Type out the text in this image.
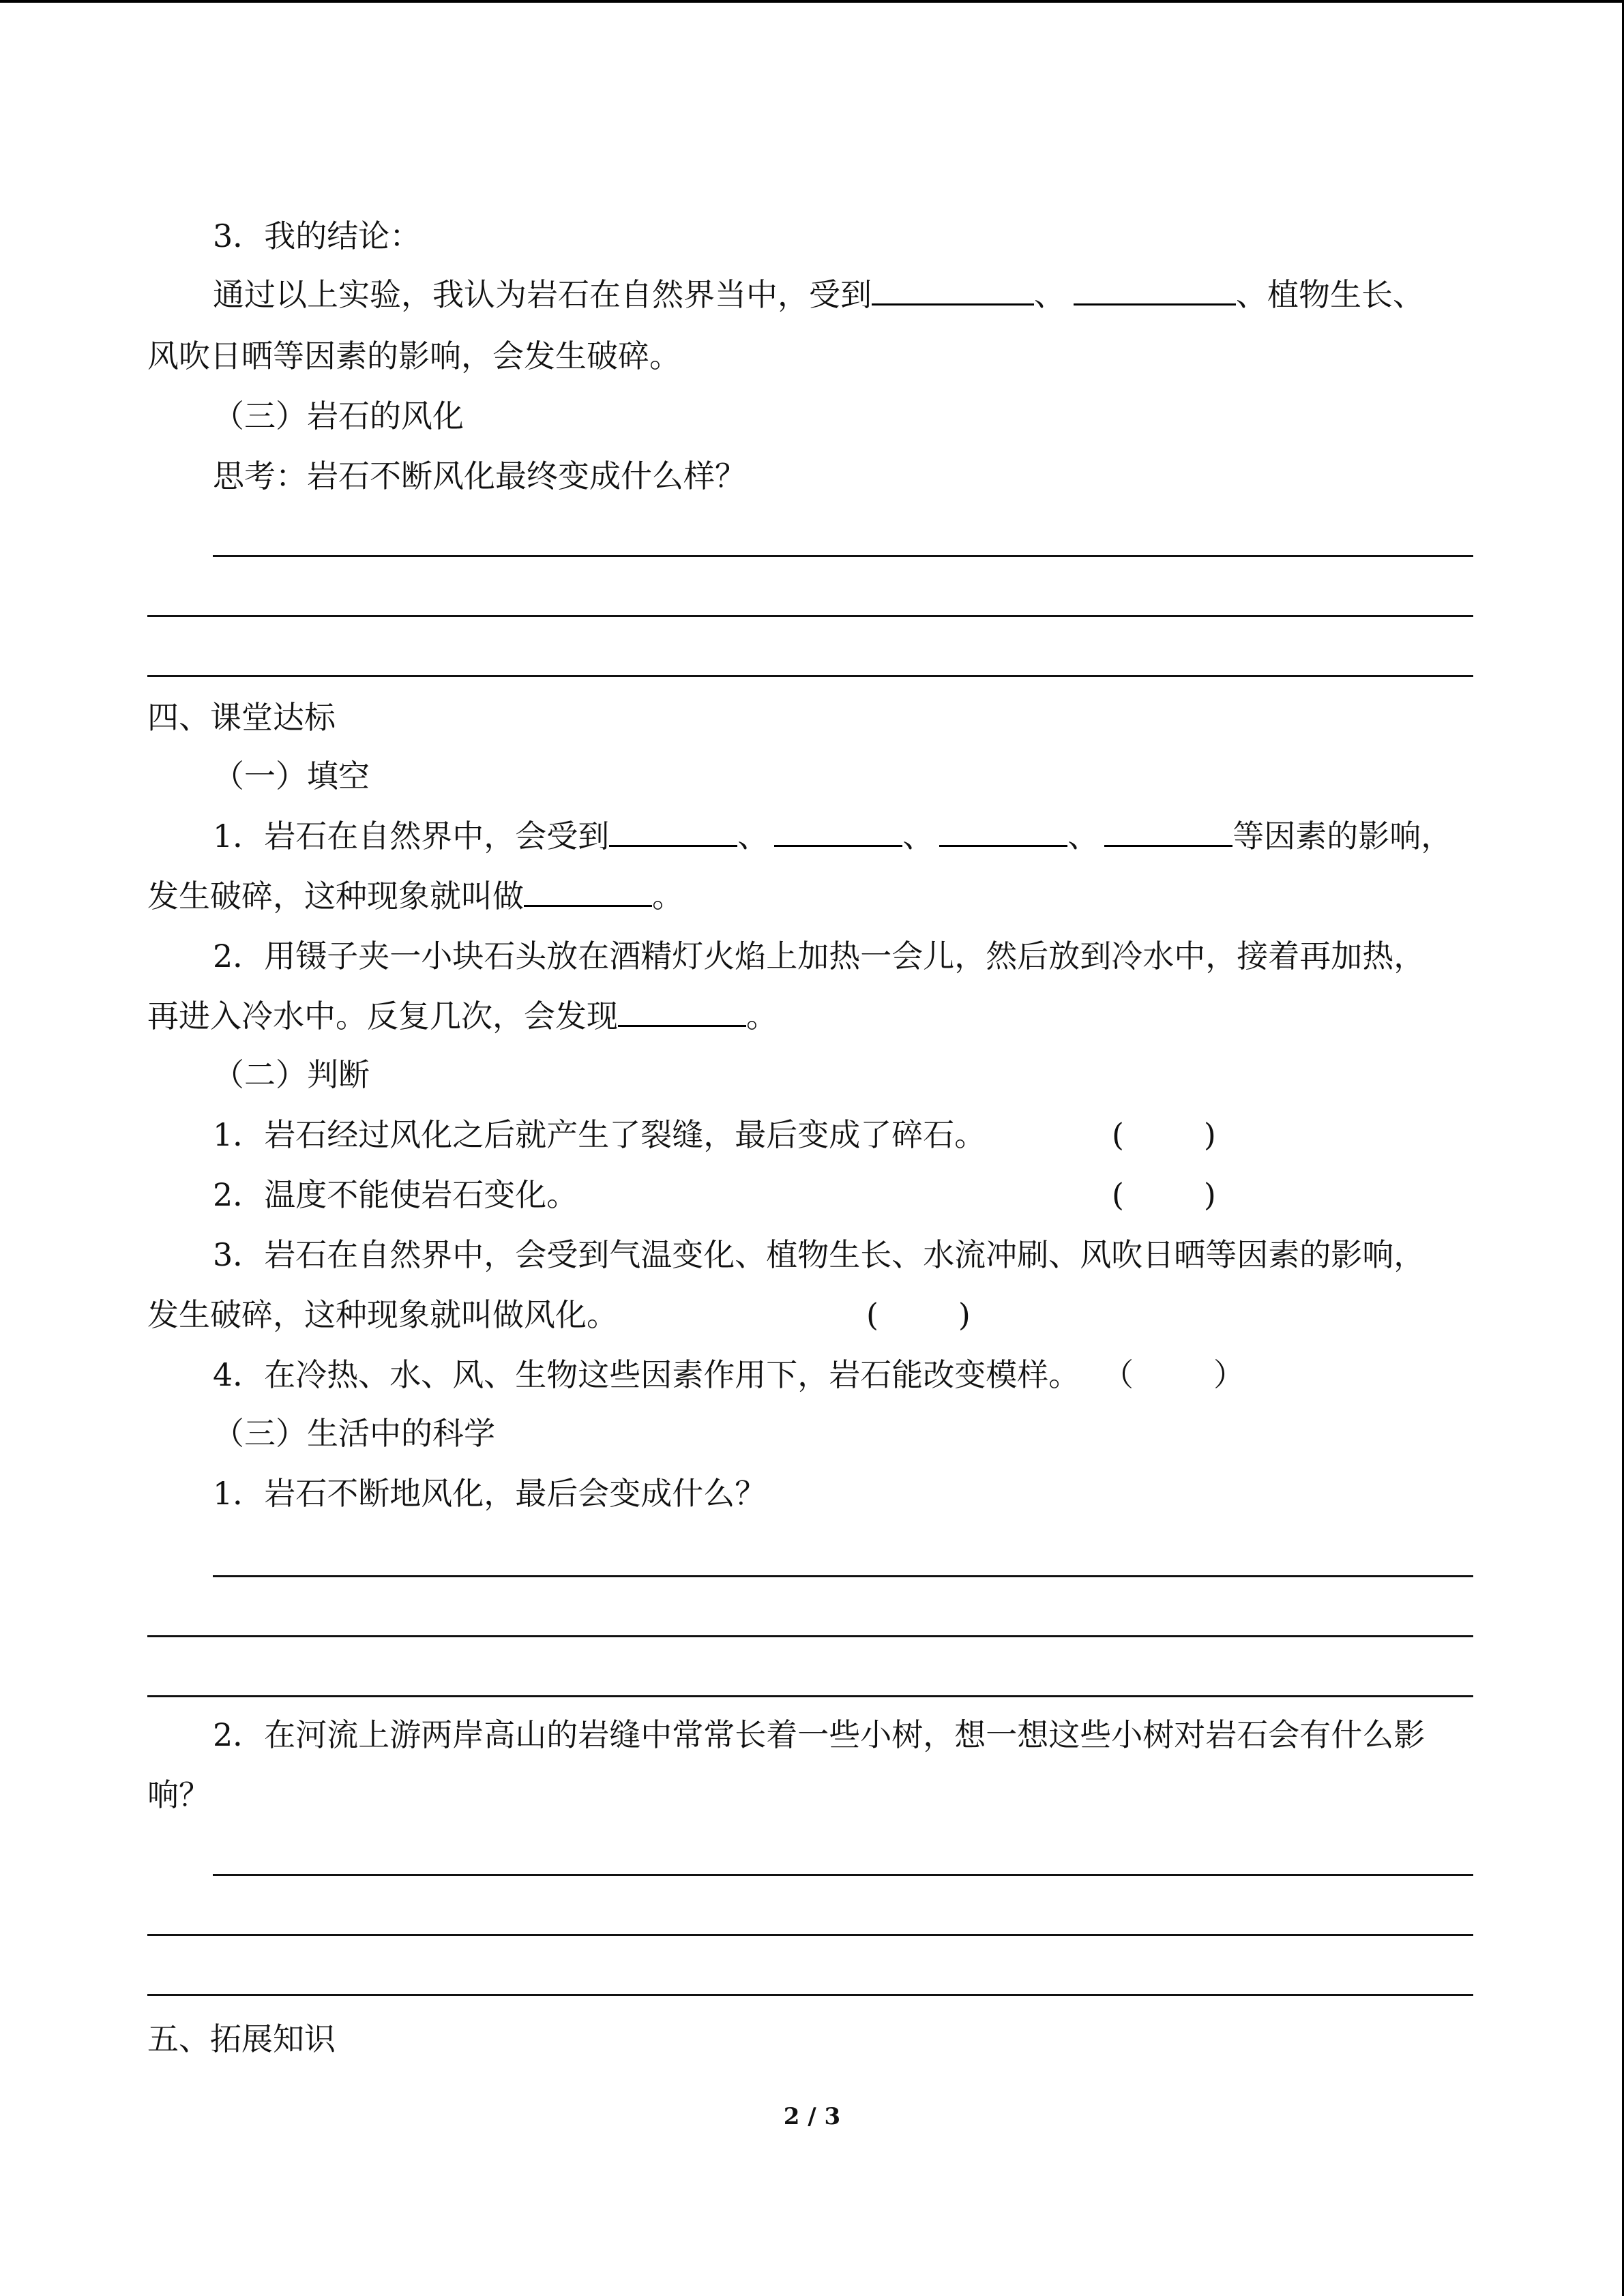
3．我的结论：
通过以上实验，我认为岩石在自然界当中，受到	、	、植物生长、
风吹日晒等因素的影响，会发生破碎。
（三）岩石的风化
思考：岩石不断风化最终变成什么样？
四、课堂达标
（一）填空
1．岩石在自然界中，会受到	、	、	、	等因素的影响，
发生破碎，这种现象就叫做	。
2．用镊子夹一小块石头放在酒精灯火焰上加热一会儿，然后放到冷水中，接着再加热，
再进入冷水中。反复几次，会发现	。
（二）判断
1．岩石经过风化之后就产生了裂缝，最后变成了碎石。	(        )
2．温度不能使岩石变化。	(        )
3．岩石在自然界中，会受到气温变化、植物生长、水流冲刷、风吹日晒等因素的影响，
发生破碎，这种现象就叫做风化。	(        )
4．在冷热、水、风、生物这些因素作用下，岩石能改变模样。 （        ）
（三）生活中的科学
1．岩石不断地风化，最后会变成什么？
2．在河流上游两岸高山的岩缝中常常长着一些小树，想一想这些小树对岩石会有什么影
响？
五、拓展知识
2 / 3
